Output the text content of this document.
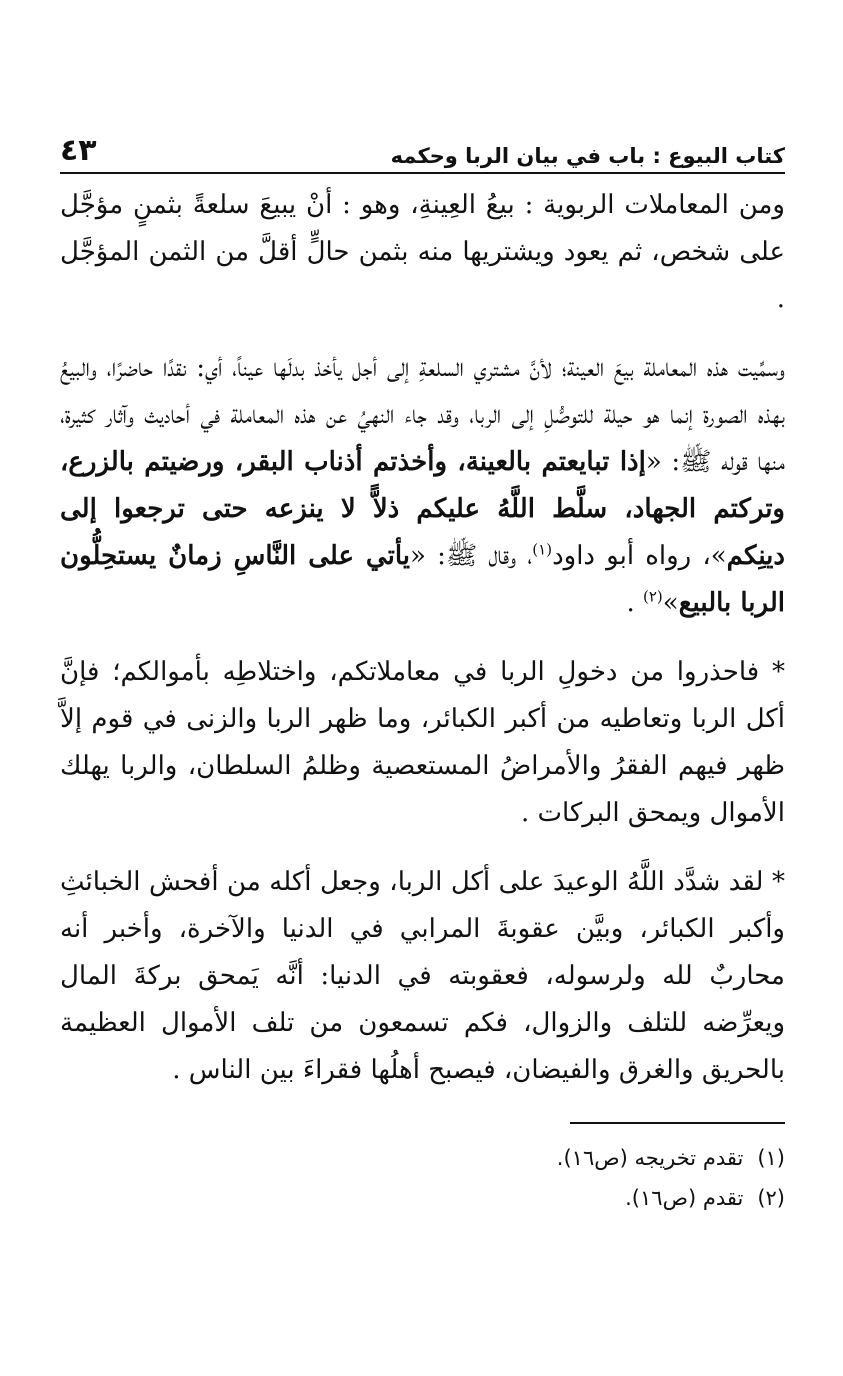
كتاب البيوع : باب في بيان الربا وحكمه
٤٣

ومن المعاملات الربوية : بيعُ العِينةِ، وهو : أنْ يبيعَ سلعةً بثمنٍ مؤجَّل على شخص، ثم يعود ويشتريها منه بثمن حالٍّ أقلَّ من الثمن المؤجَّل .

وسمِّيت هذه المعاملة بيعَ العينة؛ لأنَّ مشتري السلعةِ إلى أجل يأخذ بدلَها عيناً، أي: نقدًا حاضرًا، والبيعُ بهذه الصورة إنما هو حيلة للتوصُّلِ إلى الربا، وقد جاء النهيُ عن هذه المعاملة في أحاديث وآثار كثيرة، منها قوله ﷺ: «إذا تبايعتم بالعينة، وأخذتم أذناب البقر، ورضيتم بالزرع، وتركتم الجهاد، سلَّط اللَّهُ عليكم ذلاًّ لا ينزعه حتى ترجعوا إلى دينِكم»، رواه أبو داود$^{(١)}$، وقال ﷺ: «يأتي على النَّاسِ زمانٌ يستحِلُّون الربا بالبيع»$^{(٢)}$ .

* فاحذروا من دخولِ الربا في معاملاتكم، واختلاطِه بأموالكم؛ فإنَّ أكل الربا وتعاطيه من أكبر الكبائر، وما ظهر الربا والزنى في قوم إلاَّ ظهر فيهم الفقرُ والأمراضُ المستعصية وظلمُ السلطان، والربا يهلك الأموال ويمحق البركات .

* لقد شدَّد اللَّهُ الوعيدَ على أكل الربا، وجعل أكله من أفحش الخبائثِ وأكبر الكبائر، وبيَّن عقوبةَ المرابي في الدنيا والآخرة، وأخبر أنه محاربٌ لله ولرسوله، فعقوبته في الدنيا: أنَّه يَمحق بركةَ المال ويعرِّضه للتلف والزوال، فكم تسمعون من تلف الأموال العظيمة بالحريق والغرق والفيضان، فيصبح أهلُها فقراءَ بين الناس .

(١)تقدم تخريجه (ص١٦).
(٢)تقدم (ص١٦).
